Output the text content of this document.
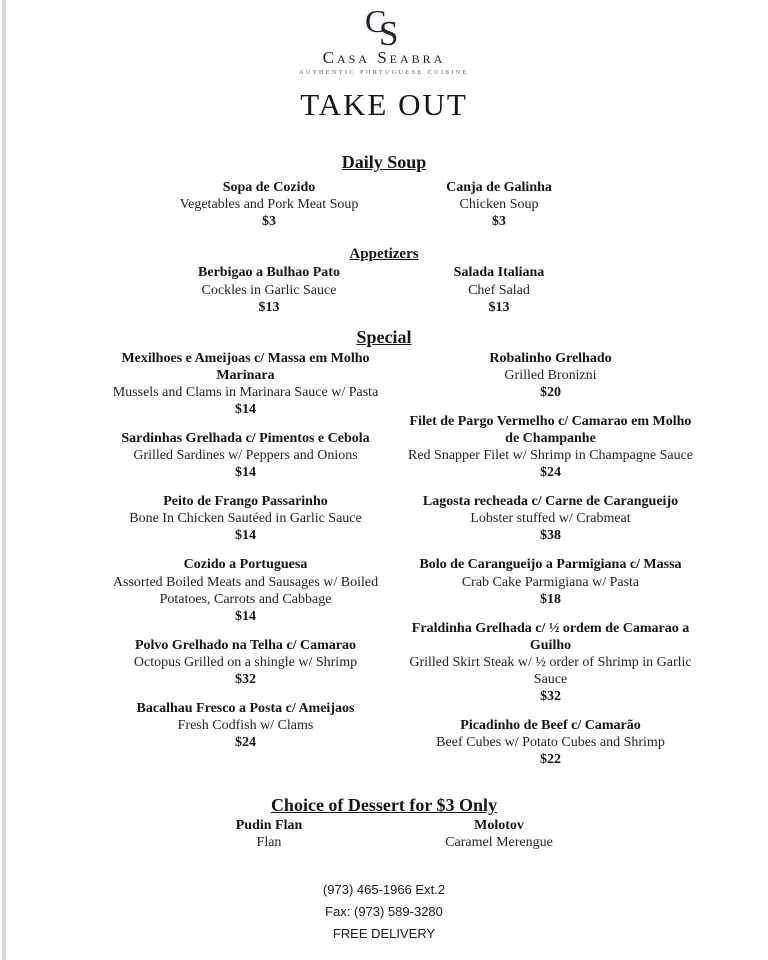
C
S
Casa Seabra
AUTHENTIC PORTUGUESE CUISINE
TAKE OUT
Daily Soup
Sopa de Cozido
Vegetables and Pork Meat Soup
$3
Canja de Galinha
Chicken Soup
$3
Appetizers
Berbigao a Bulhao Pato
Cockles in Garlic Sauce
$13
Salada Italiana
Chef Salad
$13
Special
Mexilhoes e Ameijoas c/ Massa em Molho Marinara
Mussels and Clams in Marinara Sauce w/ Pasta
$14
Sardinhas Grelhada c/ Pimentos e Cebola
Grilled Sardines w/ Peppers and Onions
$14
Peito de Frango Passarinho
Bone In Chicken Sautéed in Garlic Sauce
$14
Cozido a Portuguesa
Assorted Boiled Meats and Sausages w/ Boiled Potatoes, Carrots and Cabbage
$14
Polvo Grelhado na Telha c/ Camarao
Octopus Grilled on a shingle w/ Shrimp
$32
Bacalhau Fresco a Posta c/ Ameijaos
Fresh Codfish w/ Clams
$24
Robalinho Grelhado
Grilled Bronizni
$20
Filet de Pargo Vermelho c/ Camarao em Molho de Champanhe
Red Snapper Filet w/ Shrimp in Champagne Sauce
$24
Lagosta recheada c/ Carne de Carangueijo
Lobster stuffed w/ Crabmeat
$38
Bolo de Carangueijo a Parmigiana c/ Massa
Crab Cake Parmigiana w/ Pasta
$18
Fraldinha Grelhada c/ ½ ordem de Camarao a Guilho
Grilled Skirt Steak w/ ½ order of Shrimp in Garlic Sauce
$32
Picadinho de Beef c/ Camarão
Beef Cubes w/ Potato Cubes and Shrimp
$22
Choice of Dessert for $3 Only
Pudin Flan
Flan
Molotov
Caramel Merengue
(973) 465-1966 Ext.2
Fax: (973) 589-3280
FREE DELIVERY
